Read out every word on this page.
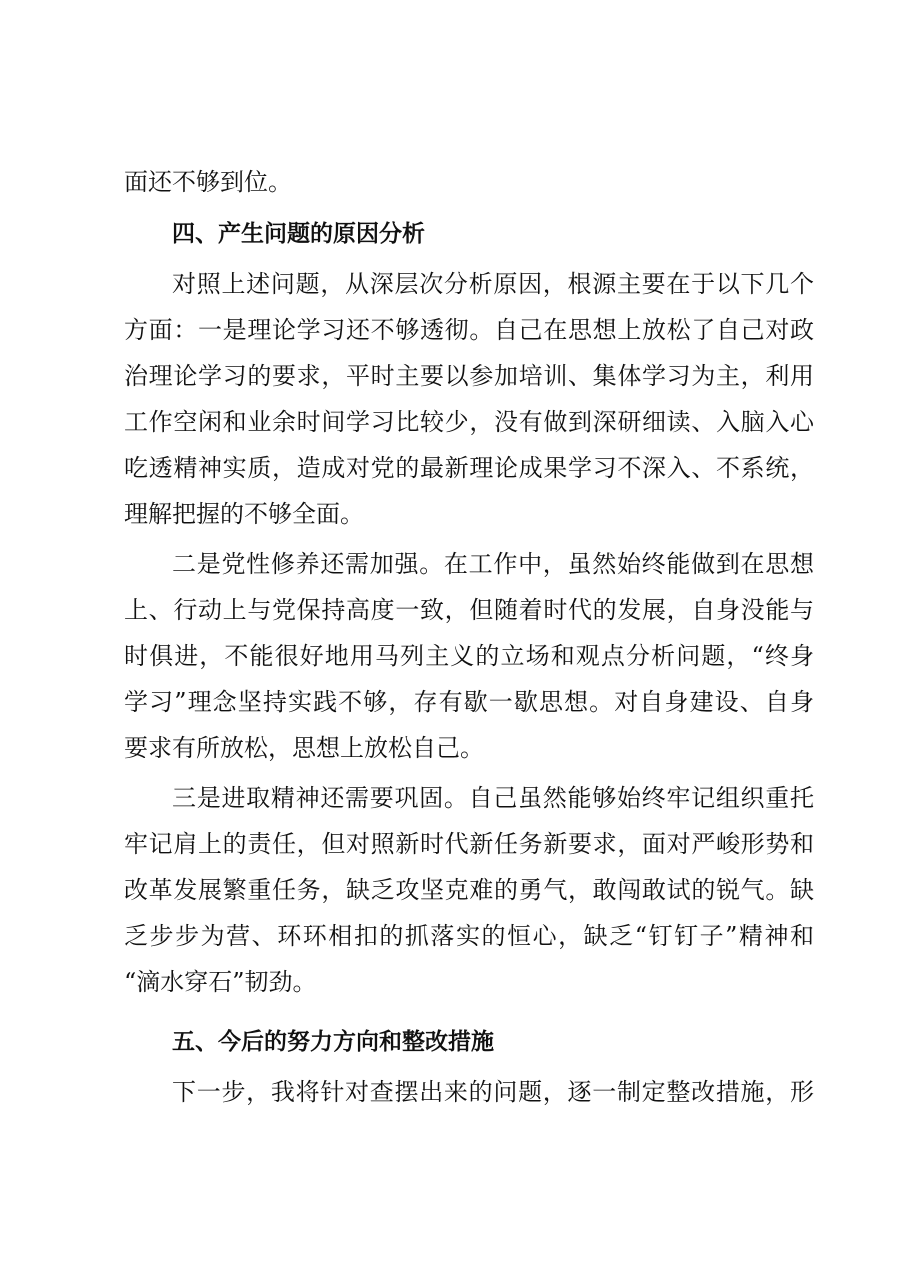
面还不够到位。
四、产生问题的原因分析
对照上述问题，从深层次分析原因，根源主要在于以下几个
方面：一是理论学习还不够透彻。自己在思想上放松了自己对政
治理论学习的要求，平时主要以参加培训、集体学习为主，利用
工作空闲和业余时间学习比较少，没有做到深研细读、入脑入心
吃透精神实质，造成对党的最新理论成果学习不深入、不系统，
理解把握的不够全面。
二是党性修养还需加强。在工作中，虽然始终能做到在思想
上、行动上与党保持高度一致，但随着时代的发展，自身没能与
时俱进，不能很好地用马列主义的立场和观点分析问题，“终身
学习”理念坚持实践不够，存有歇一歇思想。对自身建设、自身
要求有所放松，思想上放松自己。
三是进取精神还需要巩固。自己虽然能够始终牢记组织重托
牢记肩上的责任，但对照新时代新任务新要求，面对严峻形势和
改革发展繁重任务，缺乏攻坚克难的勇气，敢闯敢试的锐气。缺
乏步步为营、环环相扣的抓落实的恒心，缺乏“钉钉子”精神和
“滴水穿石”韧劲。
五、今后的努力方向和整改措施
下一步，我将针对查摆出来的问题，逐一制定整改措施，形
